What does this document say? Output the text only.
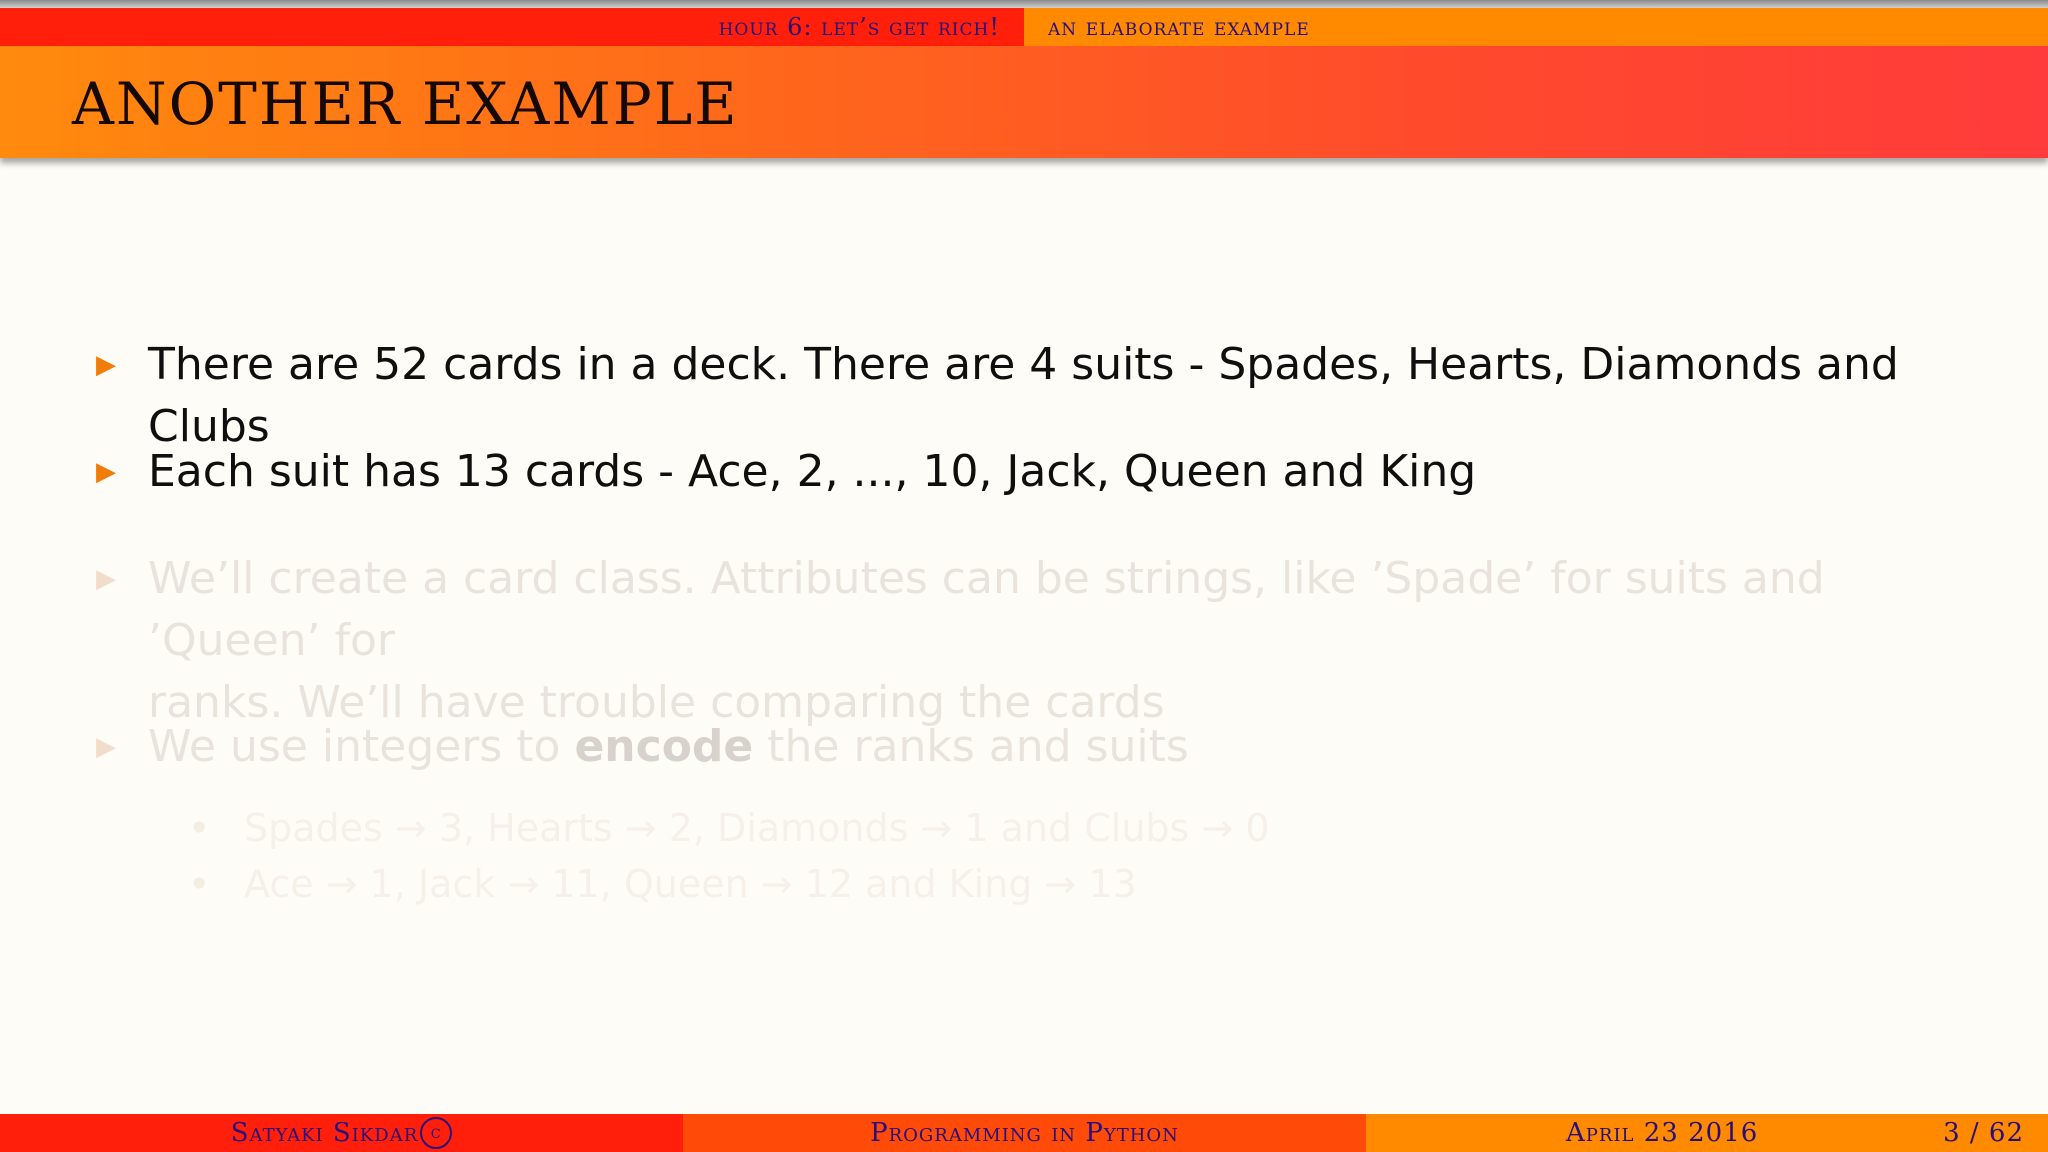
hour 6: let’s get rich! an elaborate example
ANOTHER EXAMPLE
▶ There are 52 cards in a deck. There are 4 suits - Spades, Hearts, Diamonds and Clubs
▶ Each suit has 13 cards - Ace, 2, ..., 10, Jack, Queen and King
▶ We’ll create a card class. Attributes can be strings, like ’Spade’ for suits and ’Queen’ for
ranks. We’ll have trouble comparing the cards
▶ We use integers to encode the ranks and suits
• Spades → 3, Hearts → 2, Diamonds → 1 and Clubs → 0
• Ace → 1, Jack → 11, Queen → 12 and King → 13
Satyaki Sikdar c	Programming in Python	April 23 2016	3 / 62
